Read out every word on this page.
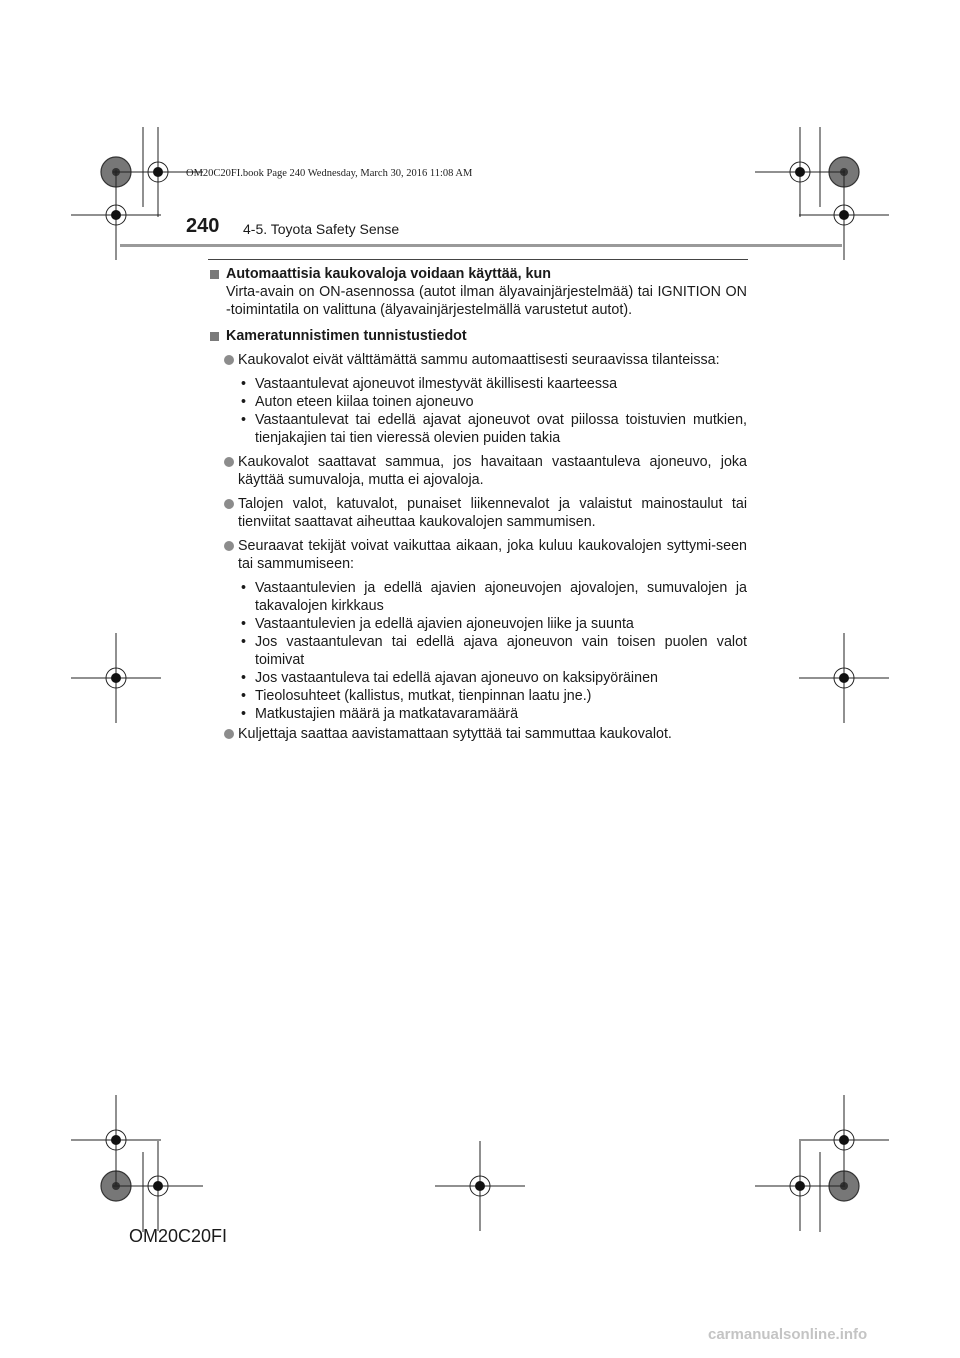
OM20C20FI.book Page 240 Wednesday, March 30, 2016 11:08 AM
240 4-5. Toyota Safety Sense
Automaattisia kaukovaloja voidaan käyttää, kun
Virta-avain on ON-asennossa (autot ilman älyavainjärjestelmää) tai IGNITION ON -toimintatila on valittuna (älyavainjärjestelmällä varustetut autot).
Kameratunnistimen tunnistustiedot
Kaukovalot eivät välttämättä sammu automaattisesti seuraavissa tilanteissa:
• Vastaantulevat ajoneuvot ilmestyvät äkillisesti kaarteessa
• Auton eteen kiilaa toinen ajoneuvo
• Vastaantulevat tai edellä ajavat ajoneuvot ovat piilossa toistuvien mutkien, tienjakajien tai tien vieressä olevien puiden takia
Kaukovalot saattavat sammua, jos havaitaan vastaantuleva ajoneuvo, joka käyttää sumuvaloja, mutta ei ajovaloja.
Talojen valot, katuvalot, punaiset liikennevalot ja valaistut mainostaulut tai tienviitat saattavat aiheuttaa kaukovalojen sammumisen.
Seuraavat tekijät voivat vaikuttaa aikaan, joka kuluu kaukovalojen syttymi-seen tai sammumiseen:
• Vastaantulevien ja edellä ajavien ajoneuvojen ajovalojen, sumuvalojen ja takavalojen kirkkaus
• Vastaantulevien ja edellä ajavien ajoneuvojen liike ja suunta
• Jos vastaantulevan tai edellä ajava ajoneuvon vain toisen puolen valot toimivat
• Jos vastaantuleva tai edellä ajavan ajoneuvo on kaksipyöräinen
• Tieolosuhteet (kallistus, mutkat, tienpinnan laatu jne.)
• Matkustajien määrä ja matkatavaramäärä
Kuljettaja saattaa aavistamattaan sytyttää tai sammuttaa kaukovalot.
OM20C20FI
carmanualsonline.info
